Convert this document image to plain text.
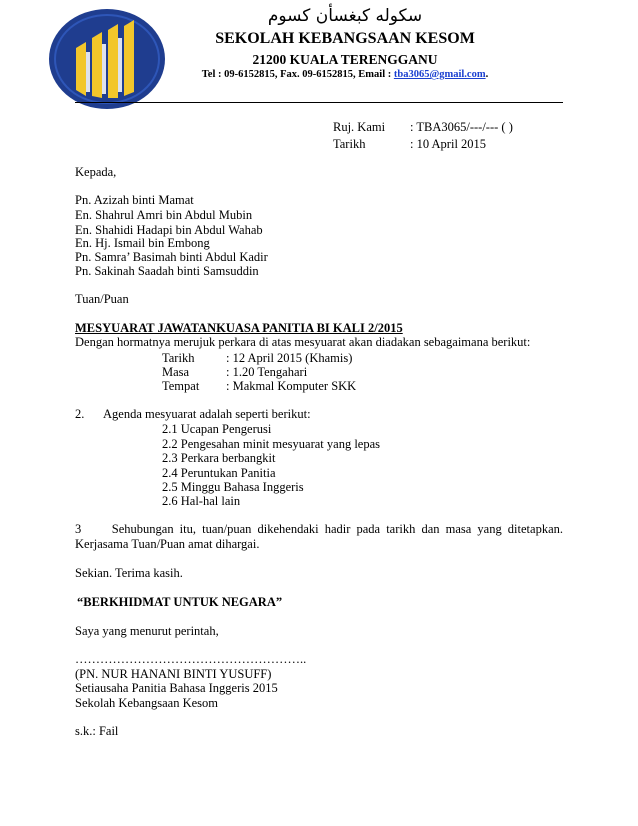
سكوله كبغسأن كسوم
SEKOLAH KEBANGSAAN KESOM
21200 KUALA TERENGGANU
Tel : 09-6152815, Fax. 09-6152815, Email : tba3065@gmail.com.
Ruj. Kami : TBA3065/---/--- ( )
Tarikh	: 10 April 2015
Kepada,
Pn. Azizah binti Mamat
En. Shahrul Amri bin Abdul Mubin
En. Shahidi Hadapi bin Abdul Wahab
En. Hj. Ismail bin Embong
Pn. Samra’ Basimah binti Abdul Kadir
Pn. Sakinah Saadah binti Samsuddin
Tuan/Puan
MESYUARAT JAWATANKUASA PANITIA BI KALI 2/2015
Dengan hormatnya merujuk perkara di atas mesyuarat akan diadakan sebagaimana berikut:
Tarikh	: 12 April 2015 (Khamis)
Masa	: 1.20 Tengahari
Tempat : Makmal Komputer SKK
2. Agenda mesyuarat adalah seperti berikut:
2.1 Ucapan Pengerusi
2.2 Pengesahan minit mesyuarat yang lepas
2.3 Perkara berbangkit
2.4 Peruntukan Panitia
2.5 Minggu Bahasa Inggeris
2.6 Hal-hal lain
3     Sehubungan itu, tuan/puan dikehendaki hadir pada tarikh dan masa yang ditetapkan. Kerjasama Tuan/Puan amat dihargai.
Sekian. Terima kasih.
“BERKHIDMAT UNTUK NEGARA”
Saya yang menurut perintah,
………………………………………………..
(PN. NUR HANANI BINTI YUSUFF)
Setiausaha Panitia Bahasa Inggeris 2015
Sekolah Kebangsaan Kesom
s.k.: Fail
